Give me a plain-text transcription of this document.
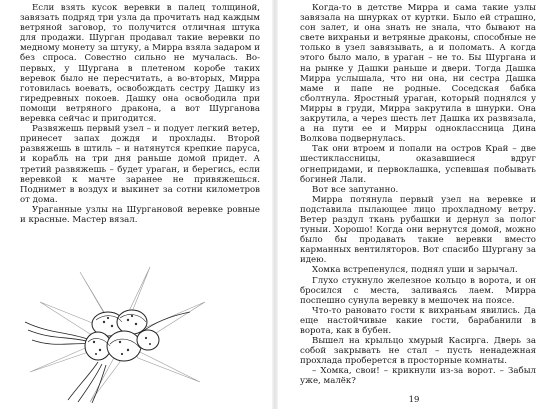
Если взять кусок веревки в палец толщиной, завязать подряд три узла да прочитать над каждым ветряной заговор, то получится отличная штука для продажи. Шурган продавал такие веревки по медному монету за штуку, а Мирра взяла задаром и без спроса. Совестно сильно не мучалась. Во-первых, у Шургана в плетеном коробе таких веревок было не пересчитать, а во-вторых, Мирра готовилась воевать, освобождать сестру Дашку из гиредревных покоев. Дашку она освободила при помощи ветряного дракона, а вот Шурганова веревка сейчас и пригодится.

Развяжешь первый узел – и подует легкий ветер, принесет запах дождя и прохлады. Второй развяжешь в штиль – и натянутся крепкие паруса, и корабль на три дня раньше домой придет. А третий развяжешь – будет ураган, и берегись, если веревкой к мачте заранее не привяжешься. Поднимет в воздух и выкинет за сотни километров от дома.

Ураганные узлы на Шургановой веревке ровные и красные. Мастер вязал.

Когда-то в детстве Мирра и сама такие узлы завязала на шнурках от куртки. Было ей страшно, сон залет, и она знать не знала, что бывают на свете вихраньи и ветряные драконы, способные не только в узел завязывать, а и поломать. А когда этого было мало, в ураган – не то. Бы Шургана и на рынке у Дашки раньше и двери. Тогда Дашка Мирра услышала, что ни она, ни сестра Дашка маме и папе не родные. Соседская бабка сболтнула. Яростный ураган, который поднялся у Мирры в груди, Мирра закрутила в шнурки. Она закрутила, а через шесть лет Дашка их развязала, а на пути ее и Мирры одноклассница Дина Волкова подвернулась.

Так они втроем и попали на остров Край – две шестиклассницы, оказавшиеся вдруг огнепридами, и первоклашка, успевшая побывать богиней Лали.

Вот все запутанно.

Мирра потянула первый узел на веревке и подставила пылающее лицо прохладному ветру. Ветер раздул ткань рубашки и дернул за полог туныи. Хорошо! Когда они вернутся домой, можно было бы продавать такие веревки вместо карманных вентиляторов. Вот спасибо Шургану за идею.

Хомка встрепенулся, поднял уши и зарычал.

Глухо стукнуло железное кольцо в ворота, и он бросился с места, заливаясь лаем. Мирра поспешно сунула веревку в мешочек на поясе.

Что-то рановато гости к вихраньам явились. Да еще настойчивые какие гости, барабанили в ворота, как в бубен.

Вышел на крыльцо хмурый Касирга. Дверь за собой закрывать не стал – пусть ненадежная прохлада проберется в просторные комнаты.

– Хомка, свои! – крикнули из-за ворот. – Забыл уже, малёк?

19
